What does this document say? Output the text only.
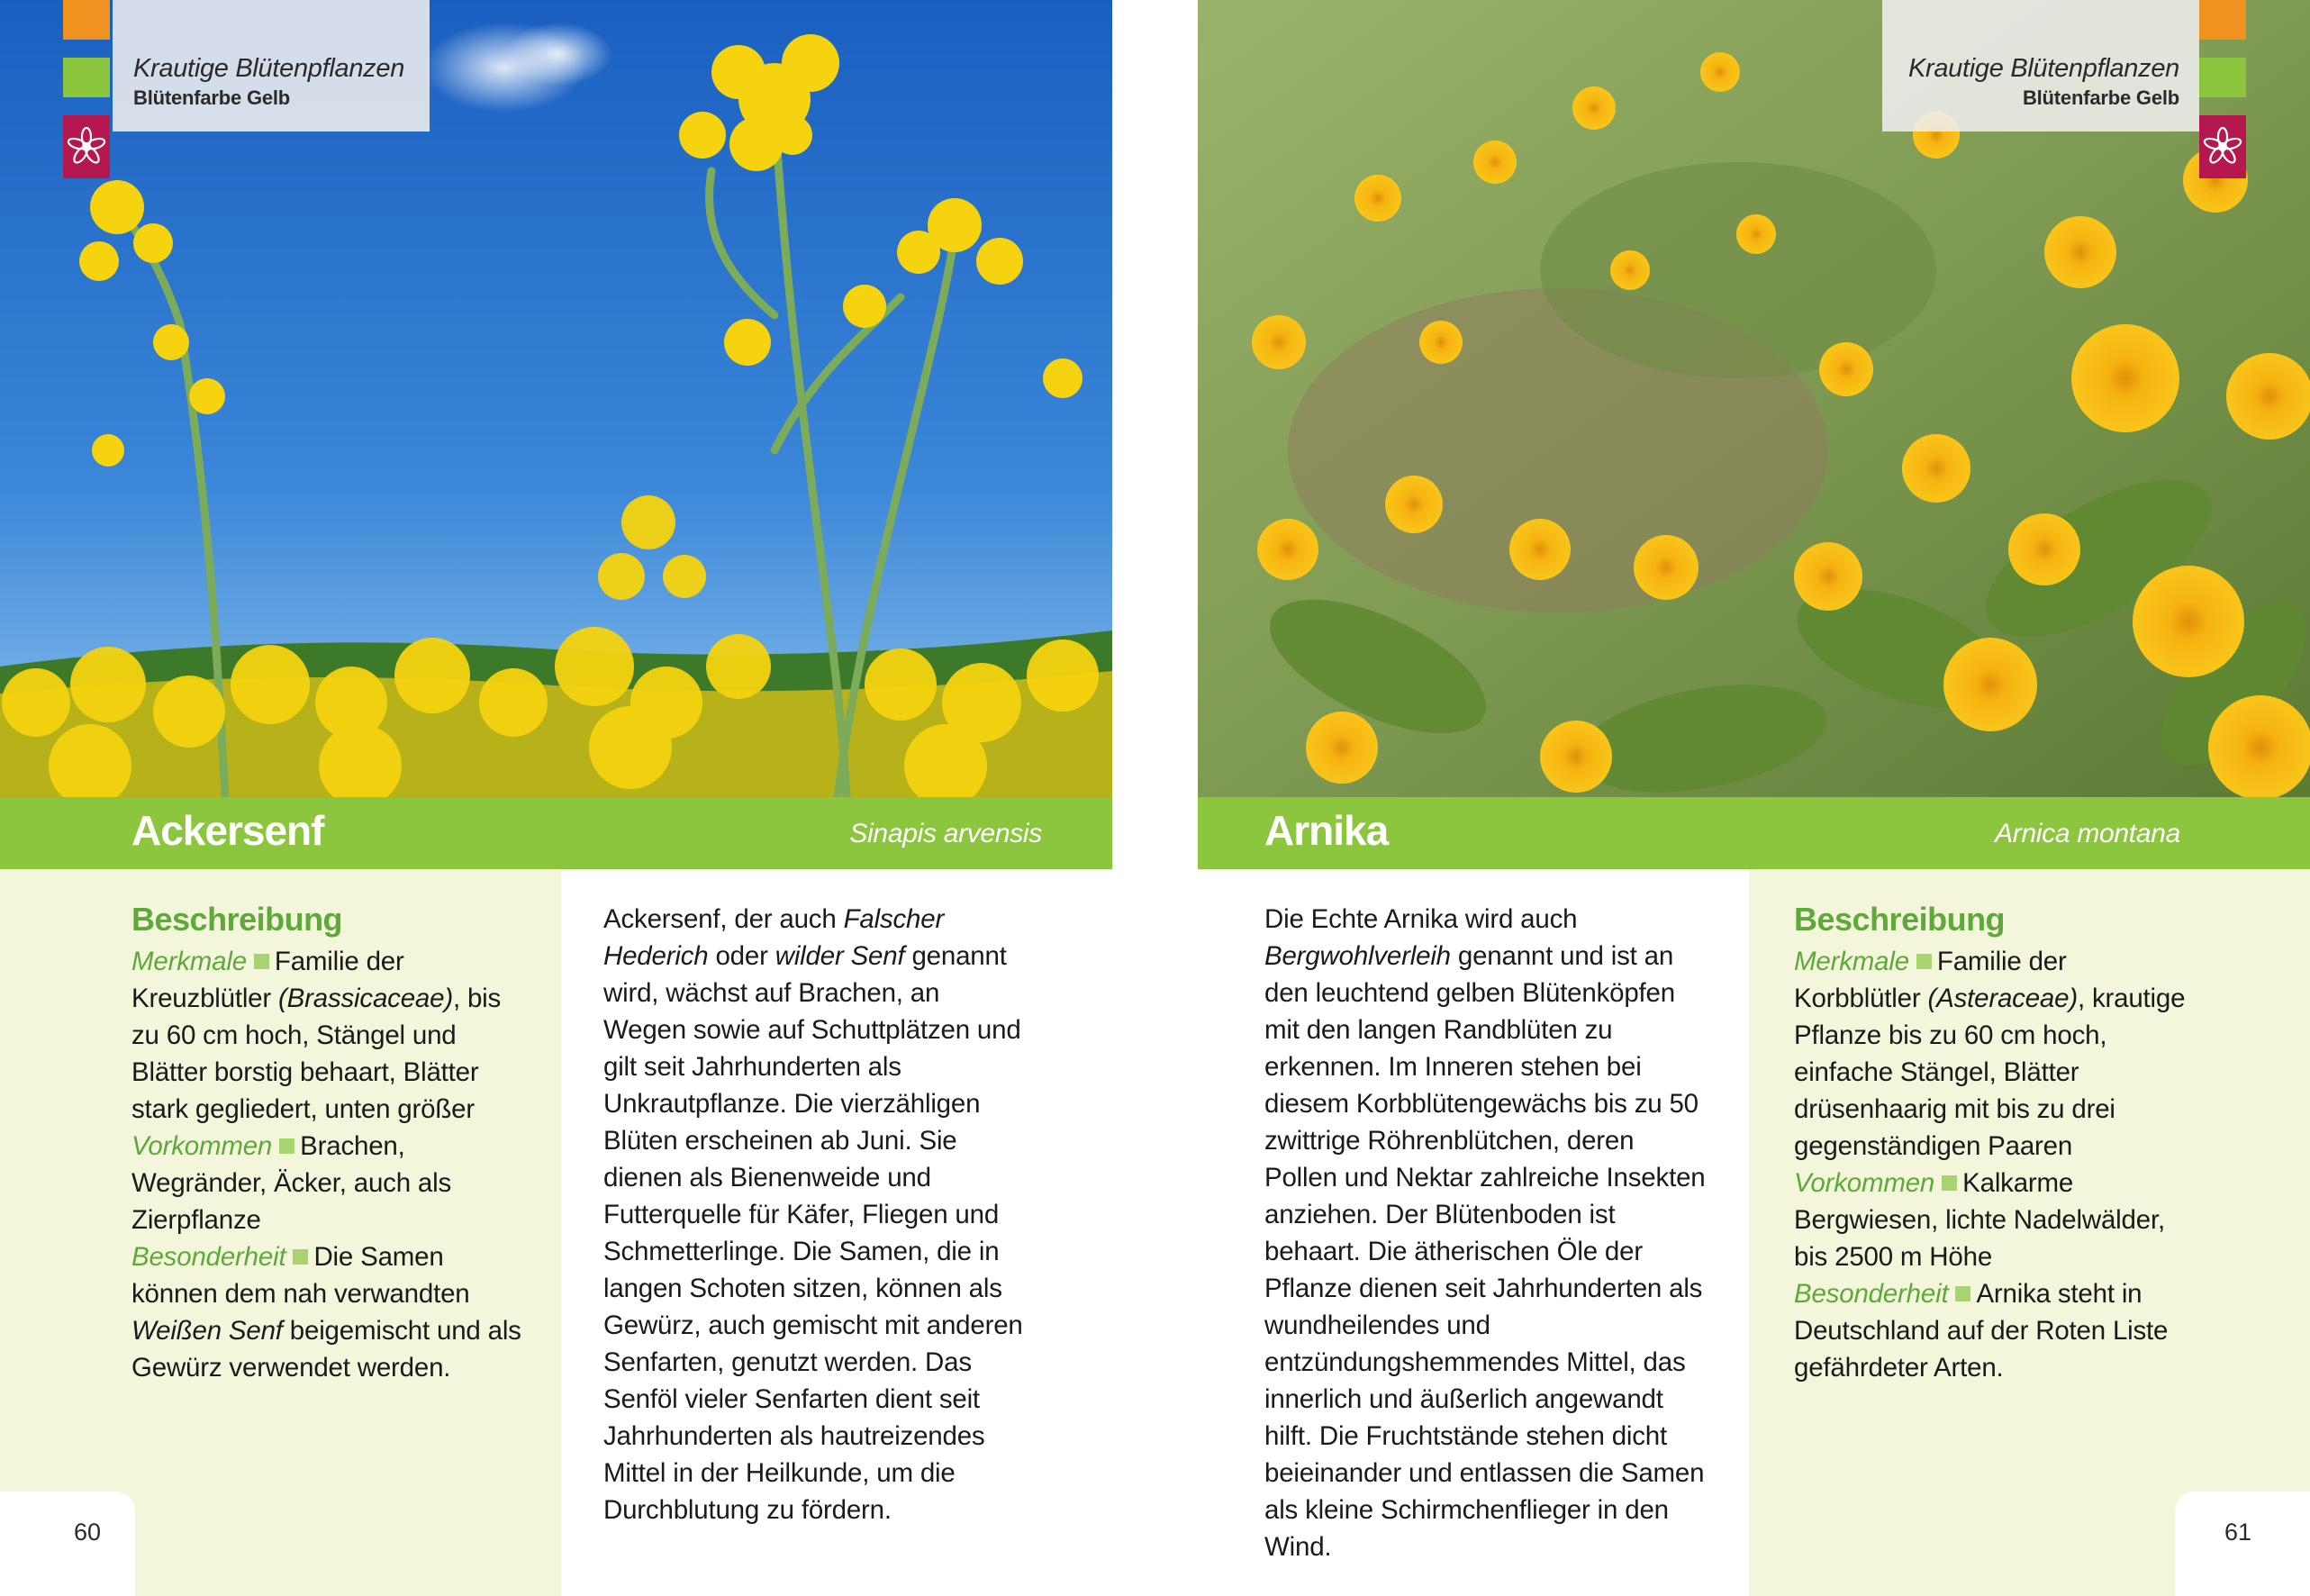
Krautige Blütenpflanzen
Blütenfarbe Gelb
Ackersenf	Sinapis arvensis
Beschreibung

Merkmale Familie der Kreuzblütler (Brassicaceae), bis zu 60 cm hoch, Stängel und Blätter borstig behaart, Blätter stark gegliedert, unten größer
Vorkommen Brachen, Wegränder, Äcker, auch als Zierpflanze
Besonderheit Die Samen können dem nah verwandten Weißen Senf beigemischt und als Gewürz verwendet werden.

Ackersenf, der auch Falscher Hederich oder wilder Senf genannt wird, wächst auf Brachen, an Wegen sowie auf Schuttplätzen und gilt seit Jahrhunderten als Unkrautpflanze. Die vierzähligen Blüten erscheinen ab Juni. Sie dienen als Bienenweide und Futterquelle für Käfer, Fliegen und Schmetterlinge. Die Samen, die in langen Schoten sitzen, können als Gewürz, auch gemischt mit anderen Senfarten, genutzt werden. Das Senföl vieler Senfarten dient seit Jahrhunderten als hautreizendes Mittel in der Heilkunde, um die Durchblutung zu fördern.

60
Krautige Blütenpflanzen
Blütenfarbe Gelb
Arnika	Arnica montana

Die Echte Arnika wird auch Bergwohlverleih genannt und ist an den leuchtend gelben Blütenköpfen mit den langen Randblüten zu erkennen. Im Inneren stehen bei diesem Korbblütengewächs bis zu 50 zwittrige Röhrenblütchen, deren Pollen und Nektar zahlreiche Insekten anziehen. Der Blütenboden ist behaart. Die ätherischen Öle der Pflanze dienen seit Jahrhunderten als wundheilendes und entzündungshemmendes Mittel, das innerlich und äußerlich angewandt hilft. Die Fruchtstände stehen dicht beieinander und entlassen die Samen als kleine Schirmchenflieger in den Wind.

Beschreibung

Merkmale Familie der Korbblütler (Asteraceae), krautige Pflanze bis zu 60 cm hoch, einfache Stängel, Blätter drüsenhaarig mit bis zu drei gegenständigen Paaren
Vorkommen Kalkarme Bergwiesen, lichte Nadelwälder, bis 2500 m Höhe
Besonderheit Arnika steht in Deutschland auf der Roten Liste gefährdeter Arten.

61
